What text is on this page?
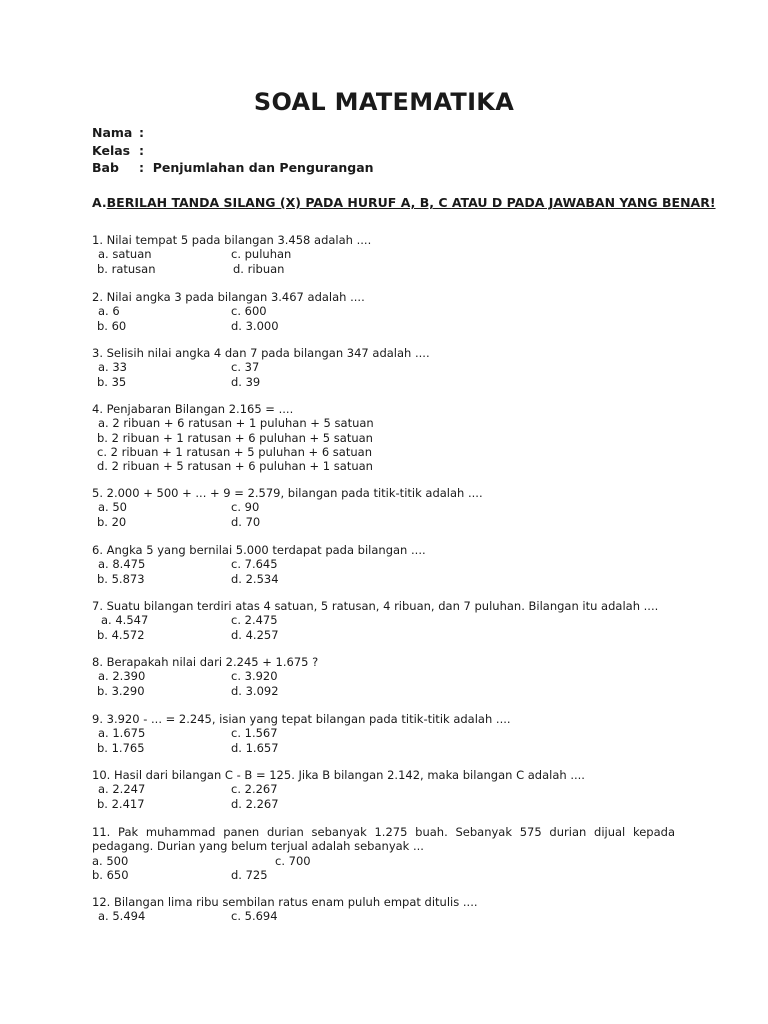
SOAL MATEMATIKA
Nama :
Kelas :
Bab : Penjumlahan dan Pengurangan
A.BERILAH TANDA SILANG (X) PADA HURUF A, B, C ATAU D PADA JAWABAN YANG BENAR!
1. Nilai tempat 5 pada bilangan 3.458 adalah ....
a. satuan	c. puluhan
b. ratusan	d. ribuan
2. Nilai angka 3 pada bilangan 3.467 adalah ....
a. 6	c. 600
b. 60	d. 3.000
3. Selisih nilai angka 4 dan 7 pada bilangan 347 adalah ....
a. 33	c. 37
b. 35	d. 39
4. Penjabaran Bilangan 2.165 = ....
a. 2 ribuan + 6 ratusan + 1 puluhan + 5 satuan
b. 2 ribuan + 1 ratusan + 6 puluhan + 5 satuan
c. 2 ribuan + 1 ratusan + 5 puluhan + 6 satuan
d. 2 ribuan + 5 ratusan + 6 puluhan + 1 satuan
5. 2.000 + 500 + ... + 9 = 2.579, bilangan pada titik-titik adalah ....
a. 50	c. 90
b. 20	d. 70
6. Angka 5 yang bernilai 5.000 terdapat pada bilangan ....
a. 8.475	c. 7.645
b. 5.873	d. 2.534
7. Suatu bilangan terdiri atas 4 satuan, 5 ratusan, 4 ribuan, dan 7 puluhan. Bilangan itu adalah ....
a. 4.547	c. 2.475
b. 4.572	d. 4.257
8. Berapakah nilai dari 2.245 + 1.675 ?
a. 2.390	c. 3.920
b. 3.290	d. 3.092
9. 3.920 - ... = 2.245, isian yang tepat bilangan pada titik-titik adalah ....
a. 1.675	c. 1.567
b. 1.765	d. 1.657
10. Hasil dari bilangan C - B = 125. Jika B bilangan 2.142, maka bilangan C adalah ....
a. 2.247	c. 2.267
b. 2.417	d. 2.267
11. Pak muhammad panen durian sebanyak 1.275 buah. Sebanyak 575 durian dijual kepada pedagang. Durian yang belum terjual adalah sebanyak ...
a. 500	c. 700
b. 650	d. 725
12. Bilangan lima ribu sembilan ratus enam puluh empat ditulis ....
a. 5.494	c. 5.694
